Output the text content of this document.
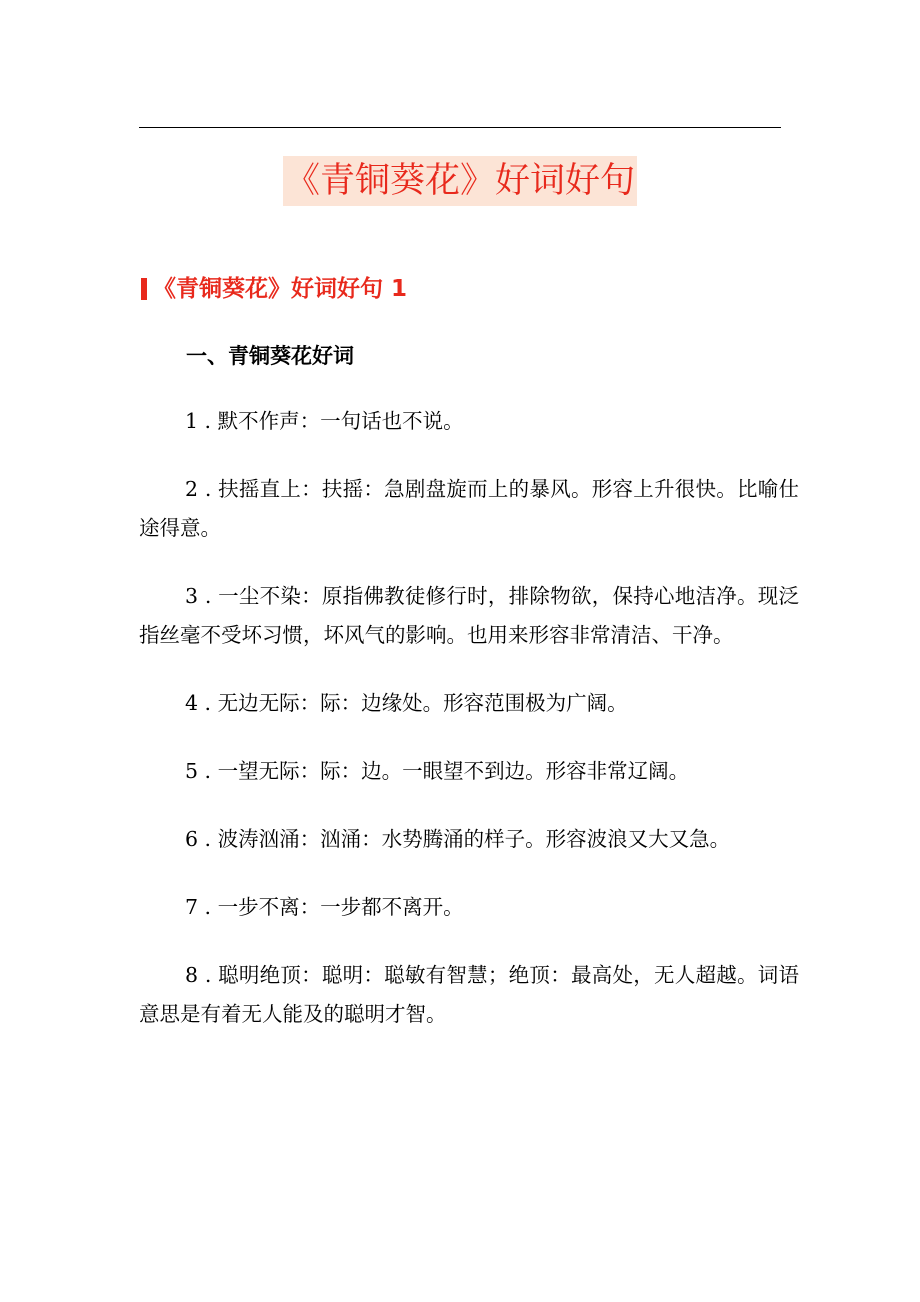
《青铜葵花》好词好句
《青铜葵花》好词好句 1
一、青铜葵花好词

1 . 默不作声：一句话也不说。

2 . 扶摇直上：扶摇：急剧盘旋而上的暴风。形容上升很快。比喻仕途得意。

3 . 一尘不染：原指佛教徒修行时，排除物欲，保持心地洁净。现泛指丝毫不受坏习惯，坏风气的影响。也用来形容非常清洁、干净。

4 . 无边无际：际：边缘处。形容范围极为广阔。

5 . 一望无际：际：边。一眼望不到边。形容非常辽阔。

6 . 波涛汹涌：汹涌：水势腾涌的样子。形容波浪又大又急。

7 . 一步不离：一步都不离开。

8 . 聪明绝顶：聪明：聪敏有智慧；绝顶：最高处，无人超越。词语意思是有着无人能及的聪明才智。
